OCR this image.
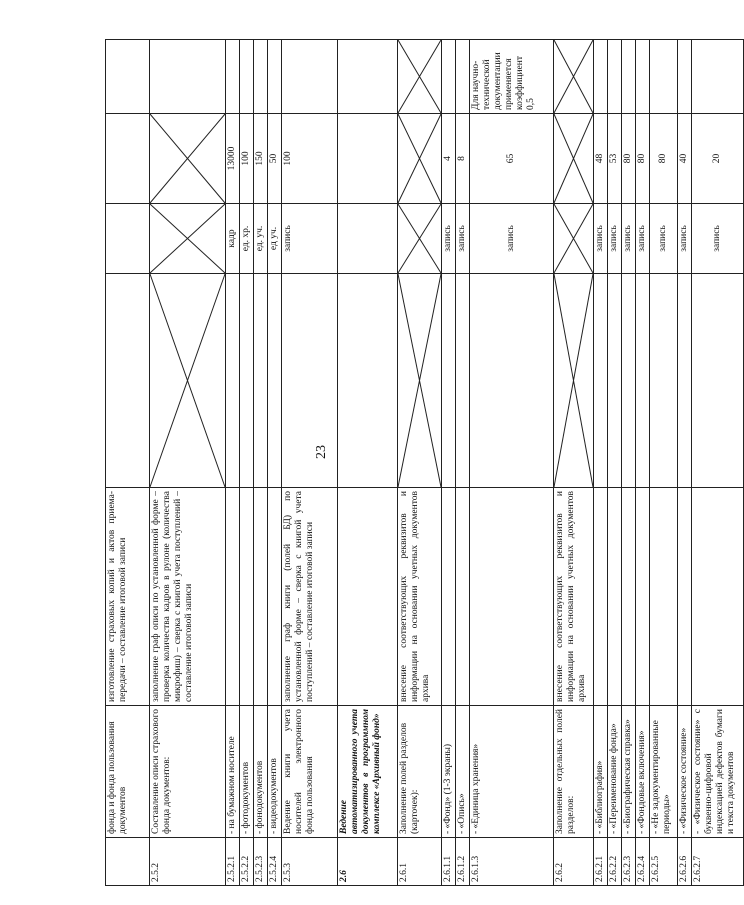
23
	фонда и фонда пользования документов	изготовление страховых копий и актов приема-передачи – составление итоговой записи				
2.5.2	Составление описи страхового фонда документов:	заполнение граф описи по установленной форме – проверка количества кадров в рулоне (количества микрофиш) – сверка с книгой учета поступлений – составление итоговой записи	

2.5.2.1	- на бумажном носителе			кадр	13000	
2.5.2.2	- фотодокументов			ед. хр.	100	
2.5.2.3	- фонодокументов			ед. уч.	150	
2.5.2.4	- видеодокументов			ед уч.	50	
2.5.3	Ведение книги учета носителей электронного фонда пользования	заполнение граф книги (полей БД) по установленной форме – сверка с книгой учета поступлений – составление итоговой записи		запись	100	
2.6	Ведение автоматизированного учета документов в программном комплексе «Архивный фонд»					
2.6.1	Заполнение полей разделов (карточек):	внесение соответствующих реквизитов и информации на основании учетных документов архива	

2.6.1.1	- «Фонд» (1-3 экраны)			запись	4	
2.6.1.2	- «Опись»			запись	8	
2.6.1.3	- «Единица хранения»			запись	65	Для научно-технической документации применяется коэффициент 0,5
2.6.2	Заполнение отдельных полей разделов:	внесение соответствующих реквизитов и информации на основании учетных документов архива	

2.6.2.1	- «Библиография»			запись	48	
2.6.2.2	- «Переименование фонда»			запись	53	
2.6.2.3	- «Биографическая справка»			запись	80	
2.6.2.4	- «Фондовые включения»			запись	80	
2.6.2.5	- «Не задокументированные периоды»			запись	80	
2.6.2.6	- «Физическое состояние»			запись	40	
2.6.2.7	- «Физическое состояние» с буквенно-цифровой индексацией дефектов бумаги и текста документов			запись	20	
